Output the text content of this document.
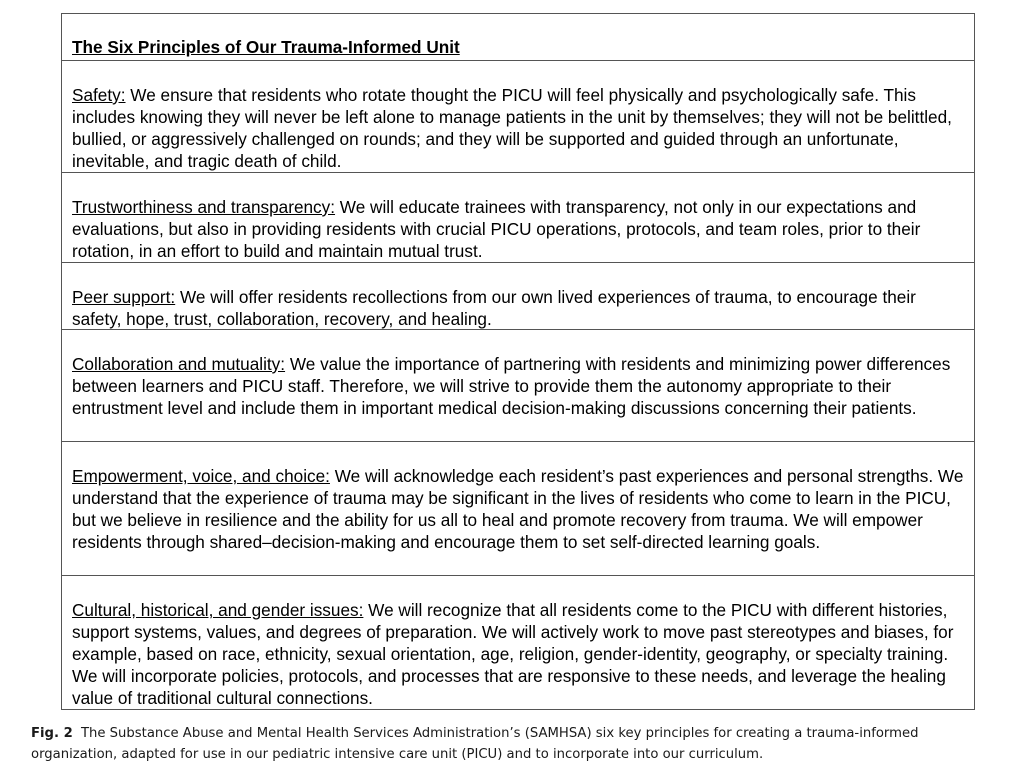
The Six Principles of Our Trauma-Informed Unit
Safety: We ensure that residents who rotate thought the PICU will feel physically and psychologically safe. This includes knowing they will never be left alone to manage patients in the unit by themselves; they will not be belittled, bullied, or aggressively challenged on rounds; and they will be supported and guided through an unfortunate, inevitable, and tragic death of child.
Trustworthiness and transparency: We will educate trainees with transparency, not only in our expectations and evaluations, but also in providing residents with crucial PICU operations, protocols, and team roles, prior to their rotation, in an effort to build and maintain mutual trust.
Peer support: We will offer residents recollections from our own lived experiences of trauma, to encourage their safety, hope, trust, collaboration, recovery, and healing.
Collaboration and mutuality: We value the importance of partnering with residents and minimizing power differences between learners and PICU staff. Therefore, we will strive to provide them the autonomy appropriate to their entrustment level and include them in important medical decision-making discussions concerning their patients.
Empowerment, voice, and choice: We will acknowledge each resident’s past experiences and personal strengths. We understand that the experience of trauma may be significant in the lives of residents who come to learn in the PICU, but we believe in resilience and the ability for us all to heal and promote recovery from trauma. We will empower residents through shared–decision-making and encourage them to set self-directed learning goals.
Cultural, historical, and gender issues: We will recognize that all residents come to the PICU with different histories, support systems, values, and degrees of preparation. We will actively work to move past stereotypes and biases, for example, based on race, ethnicity, sexual orientation, age, religion, gender-identity, geography, or specialty training. We will incorporate policies, protocols, and processes that are responsive to these needs, and leverage the healing value of traditional cultural connections.
Fig. 2 The Substance Abuse and Mental Health Services Administration’s (SAMHSA) six key principles for creating a trauma-informed organization, adapted for use in our pediatric intensive care unit (PICU) and to incorporate into our curriculum.
